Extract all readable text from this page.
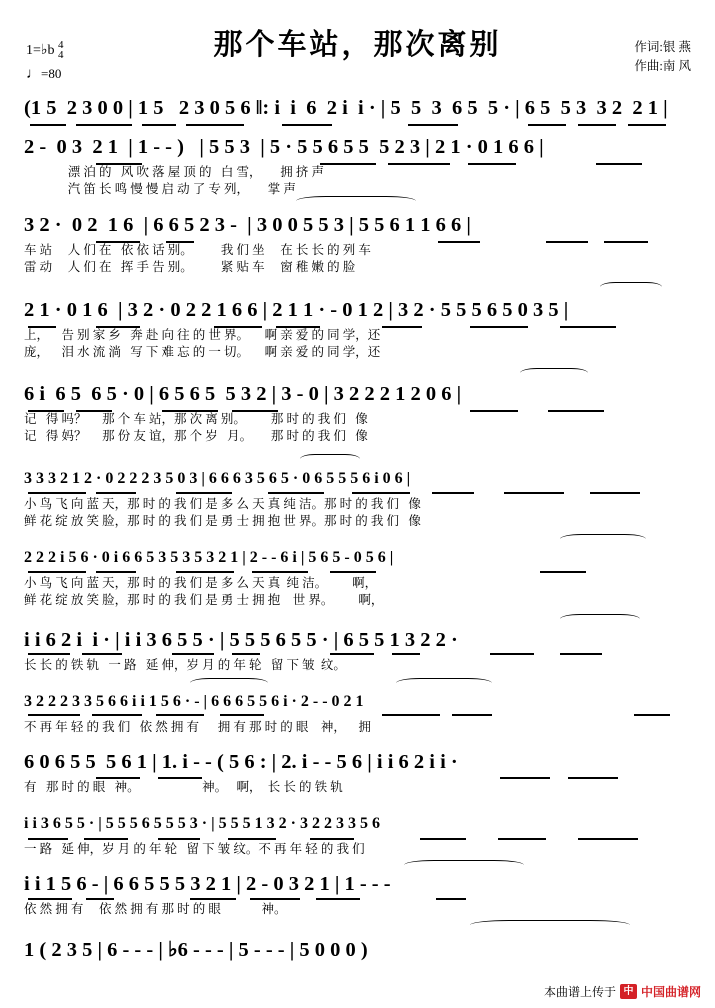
那个车站，那次离别	作词:银 燕
作曲:南 风
1=♭b 4
4
♩=80
(1 5  2 3 0 0 | 1 5   2 3 0 5 6 ‖: i  i  6  2 i  i · | 5  5  3  6 5  5 · | 6 5  5 3  3 2  2 1 |
2 -  0 3  2 1  | 1 - - )   | 5 5 3  | 5 · 5 5 6 5 5  5 2 3 | 2 1 · 0 1 6 6 |
漂 泊 的   风 吹 落 屋 顶 的   白 雪，      拥 挤 声
汽 笛 长 鸣 慢 慢 启 动 了 专 列，      掌 声
3 2 ·  0 2  1 6  | 6 6 5 2 3 -  | 3 0 0 5 5 3 | 5 5 6 1 1 6 6 |
车 站     人 们 在   依 依 话 别。         我 们 坐     在 长 长 的 列 车
雷 动     人 们 在   挥 手 告 别。         紧 贴 车     窗 稚 嫩 的 脸
2 1 · 0 1 6  | 3 2 · 0 2 2 1 6 6 | 2 1 1 · - 0 1 2 | 3 2 · 5 5 5 6 5 0 3 5 |
上，    告 别 家 乡   奔 赴 向 往 的 世 界。     啊 亲 爱 的 同 学，还
庞，    泪 水 流 淌   写 下 难 忘 的 一 切。     啊 亲 爱 的 同 学，还
6 i  6 5  6 5 · 0 | 6 5 6 5  5 3 2 | 3 - 0 | 3 2 2 2 1 2 0 6 |
记   得 吗？     那 个 车 站，那 次 离 别。        那 时 的 我 们   像
记   得 妈？     那 份 友 谊，那 个 岁   月。      那 时 的 我 们   像
3 3 3 2 1 2 · 0 2 2 2 3 5 0 3 | 6 6 6 3 5 6 5 · 0 6 5 5 5 6 i 0 6 |
小 鸟 飞 向 蓝 天，那 时 的 我 们 是 多 么 天 真 纯 洁。那 时 的 我 们   像
鲜 花 绽 放 笑 脸，那 时 的 我 们 是 勇 士 拥 抱 世 界。那 时 的 我 们   像
2 2 2 i 5 6 · 0 i 6 6 5 3 5 3 5 3 2 1 | 2 - - 6 i | 5 6 5 - 0 5 6 |
小 鸟 飞 向 蓝 天，那 时 的 我 们 是 多 么 天 真  纯 洁。        啊，
鲜 花 绽 放 笑 脸，那 时 的 我 们 是 勇 士 拥 抱    世 界。        啊，
i i 6 2 i  i · | i i 3 6 5 5 · | 5 5 5 6 5 5 · | 6 5 5 1 3 2 2 ·
长 长 的 铁 轨   一 路   延 伸，岁 月 的 年 轮   留 下 皱  纹。
3 2 2 2 3 3 5 6 6 i i 1 5 6 · - | 6 6 6 5 5 6 i · 2 - - 0 2 1
不 再 年 轻 的 我 们   依 然 拥 有      拥 有 那 时 的 眼    神，    拥
6 0 6 5 5  5 6 1 | 1. i - - ( 5 6 : | 2. i - - 5 6 | i i 6 2 i i ·
有   那 时 的 眼   神。                    神。   啊，  长 长 的 铁 轨
i i 3 6 5 5 · | 5 5 5 6 5 5 5 3 · | 5 5 5 1 3 2 · 3 2 2 3 3 5 6
一 路   延 伸，岁 月 的 年 轮   留 下 皱 纹。不 再 年 轻 的 我 们
i i 1 5 6 - | 6 6 5 5 5 3 2 1 | 2 - 0 3 2 1 | 1 - - -
依 然 拥 有     依 然 拥 有 那 时 的 眼             神。
1 ( 2 3 5 | 6 - - - | ♭6 - - - | 5 - - - | 5 0 0 0 )
本曲谱上传于 中 中国曲谱网
